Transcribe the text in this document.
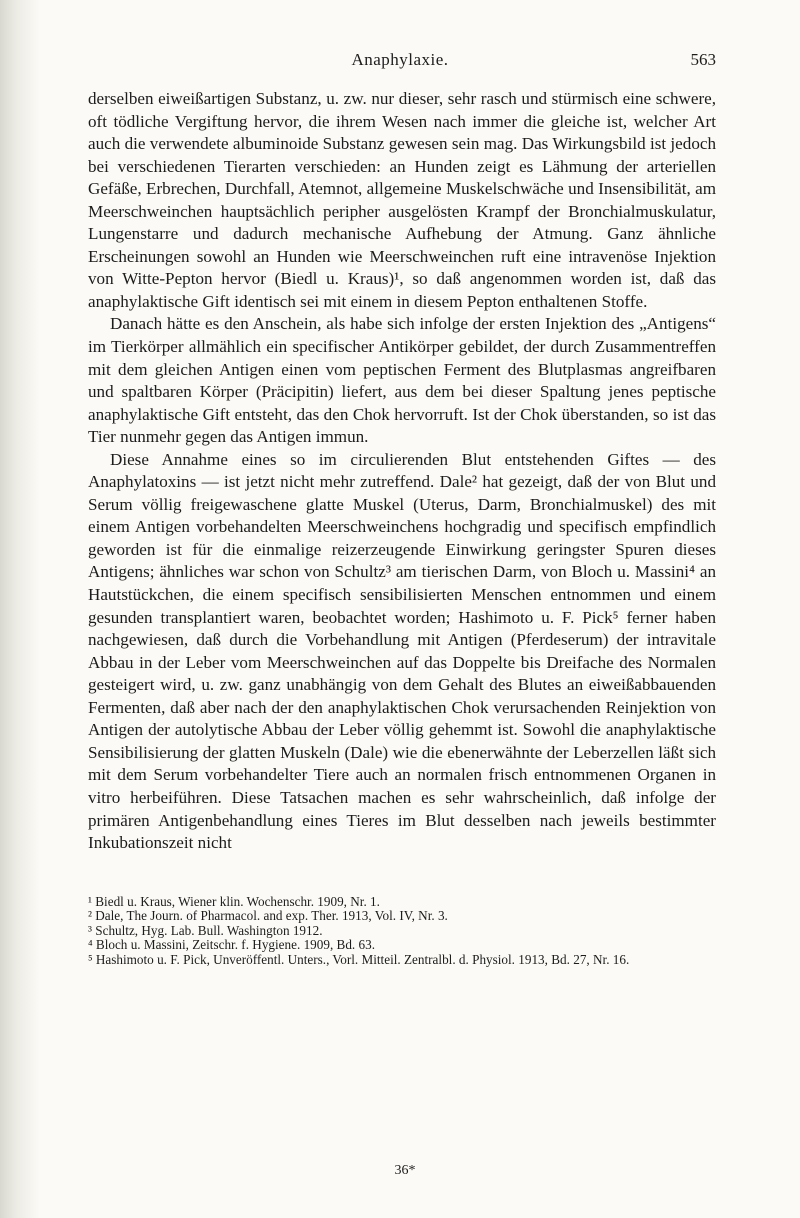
Anaphylaxie.	563

derselben eiweißartigen Substanz, u. zw. nur dieser, sehr rasch und stürmisch eine schwere, oft tödliche Vergiftung hervor, die ihrem Wesen nach immer die gleiche ist, welcher Art auch die verwendete albuminoide Substanz gewesen sein mag. Das Wirkungsbild ist jedoch bei verschiedenen Tierarten verschieden: an Hunden zeigt es Lähmung der arteriellen Gefäße, Erbrechen, Durchfall, Atemnot, allgemeine Muskelschwäche und Insensibilität, am Meerschweinchen hauptsächlich peripher ausgelösten Krampf der Bronchialmuskulatur, Lungenstarre und dadurch mechanische Aufhebung der Atmung. Ganz ähnliche Erscheinungen sowohl an Hunden wie Meerschweinchen ruft eine intravenöse Injektion von Witte-Pepton hervor (Biedl u. Kraus)¹, so daß angenommen worden ist, daß das anaphylaktische Gift identisch sei mit einem in diesem Pepton enthaltenen Stoffe.

Danach hätte es den Anschein, als habe sich infolge der ersten Injektion des „Antigens“ im Tierkörper allmählich ein specifischer Antikörper gebildet, der durch Zusammentreffen mit dem gleichen Antigen einen vom peptischen Ferment des Blutplasmas angreifbaren und spaltbaren Körper (Präcipitin) liefert, aus dem bei dieser Spaltung jenes peptische anaphylaktische Gift entsteht, das den Chok hervorruft. Ist der Chok überstanden, so ist das Tier nunmehr gegen das Antigen immun.

Diese Annahme eines so im circulierenden Blut entstehenden Giftes — des Anaphylatoxins — ist jetzt nicht mehr zutreffend. Dale² hat gezeigt, daß der von Blut und Serum völlig freigewaschene glatte Muskel (Uterus, Darm, Bronchialmuskel) des mit einem Antigen vorbehandelten Meerschweinchens hochgradig und specifisch empfindlich geworden ist für die einmalige reizerzeugende Einwirkung geringster Spuren dieses Antigens; ähnliches war schon von Schultz³ am tierischen Darm, von Bloch u. Massini⁴ an Hautstückchen, die einem specifisch sensibilisierten Menschen entnommen und einem gesunden transplantiert waren, beobachtet worden; Hashimoto u. F. Pick⁵ ferner haben nachgewiesen, daß durch die Vorbehandlung mit Antigen (Pferdeserum) der intravitale Abbau in der Leber vom Meerschweinchen auf das Doppelte bis Dreifache des Normalen gesteigert wird, u. zw. ganz unabhängig von dem Gehalt des Blutes an eiweißabbauenden Fermenten, daß aber nach der den anaphylaktischen Chok verursachenden Reinjektion von Antigen der autolytische Abbau der Leber völlig gehemmt ist. Sowohl die anaphylaktische Sensibilisierung der glatten Muskeln (Dale) wie die ebenerwähnte der Leberzellen läßt sich mit dem Serum vorbehandelter Tiere auch an normalen frisch entnommenen Organen in vitro herbeiführen. Diese Tatsachen machen es sehr wahrscheinlich, daß infolge der primären Antigenbehandlung eines Tieres im Blut desselben nach jeweils bestimmter Inkubationszeit nicht

¹ Biedl u. Kraus, Wiener klin. Wochenschr. 1909, Nr. 1.

² Dale, The Journ. of Pharmacol. and exp. Ther. 1913, Vol. IV, Nr. 3.

³ Schultz, Hyg. Lab. Bull. Washington 1912.

⁴ Bloch u. Massini, Zeitschr. f. Hygiene. 1909, Bd. 63.

⁵ Hashimoto u. F. Pick, Unveröffentl. Unters., Vorl. Mitteil. Zentralbl. d. Physiol. 1913, Bd. 27, Nr. 16.

36*
